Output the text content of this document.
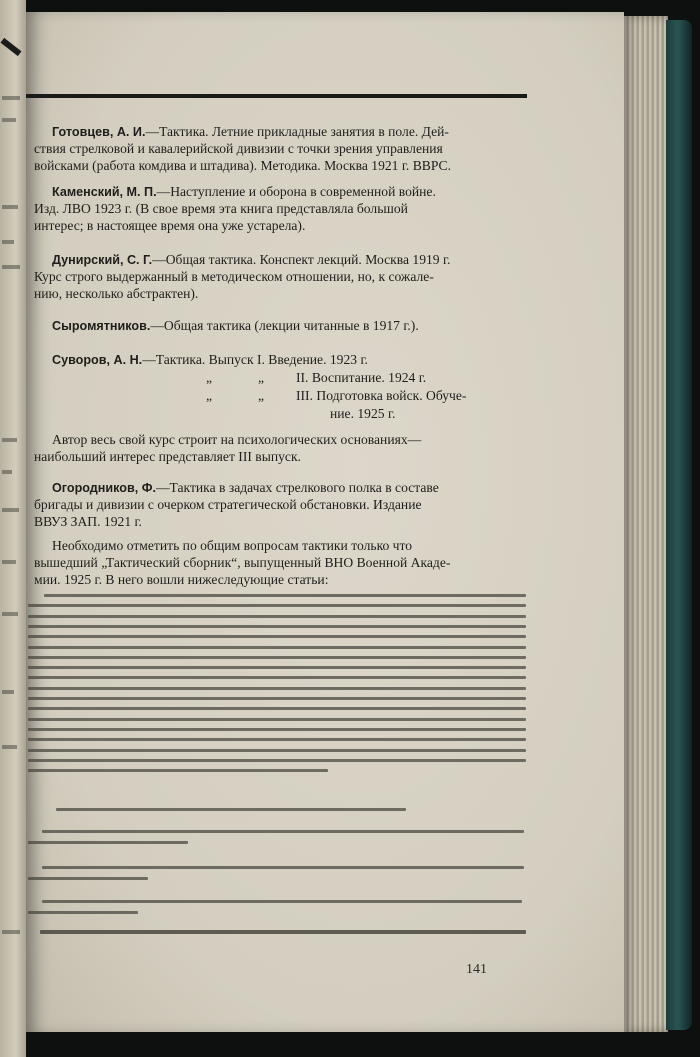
Готовцев, А. И.—Тактика. Летние прикладные занятия в поле. Дей-
ствия стрелковой и кавалерийской дивизии с точки зрения управления
войсками (работа комдива и штадива). Методика. Москва 1921 г. ВВРС.
Каменский, М. П.—Наступление и оборона в современной войне.
Изд. ЛВО 1923 г. (В свое время эта книга представляла большой
интерес; в настоящее время она уже устарела).
Дунирский, С. Г.—Общая тактика. Конспект лекций. Москва 1919 г.
Курс строго выдержанный в методическом отношении, но, к сожале-
нию, несколько абстрактен).
Сыромятников.—Общая тактика (лекции читанные в 1917 г.).
Суворов, А. Н.—Тактика. Выпуск I. Введение. 1923 г.
„	„ II. Воспитание. 1924 г.
„	„ III. Подготовка войск. Обуче-
ние. 1925 г.
Автор весь свой курс строит на психологических основаниях—
наибольший интерес представляет III выпуск.
Огородников, Ф.—Тактика в задачах стрелкового полка в составе
бригады и дивизии с очерком стратегической обстановки. Издание
ВВУЗ ЗАП. 1921 г.
Необходимо отметить по общим вопросам тактики только что
вышедший „Тактический сборник“, выпущенный ВНО Военной Акаде-
мии. 1925 г. В него вошли нижеследующие статьи:
141
